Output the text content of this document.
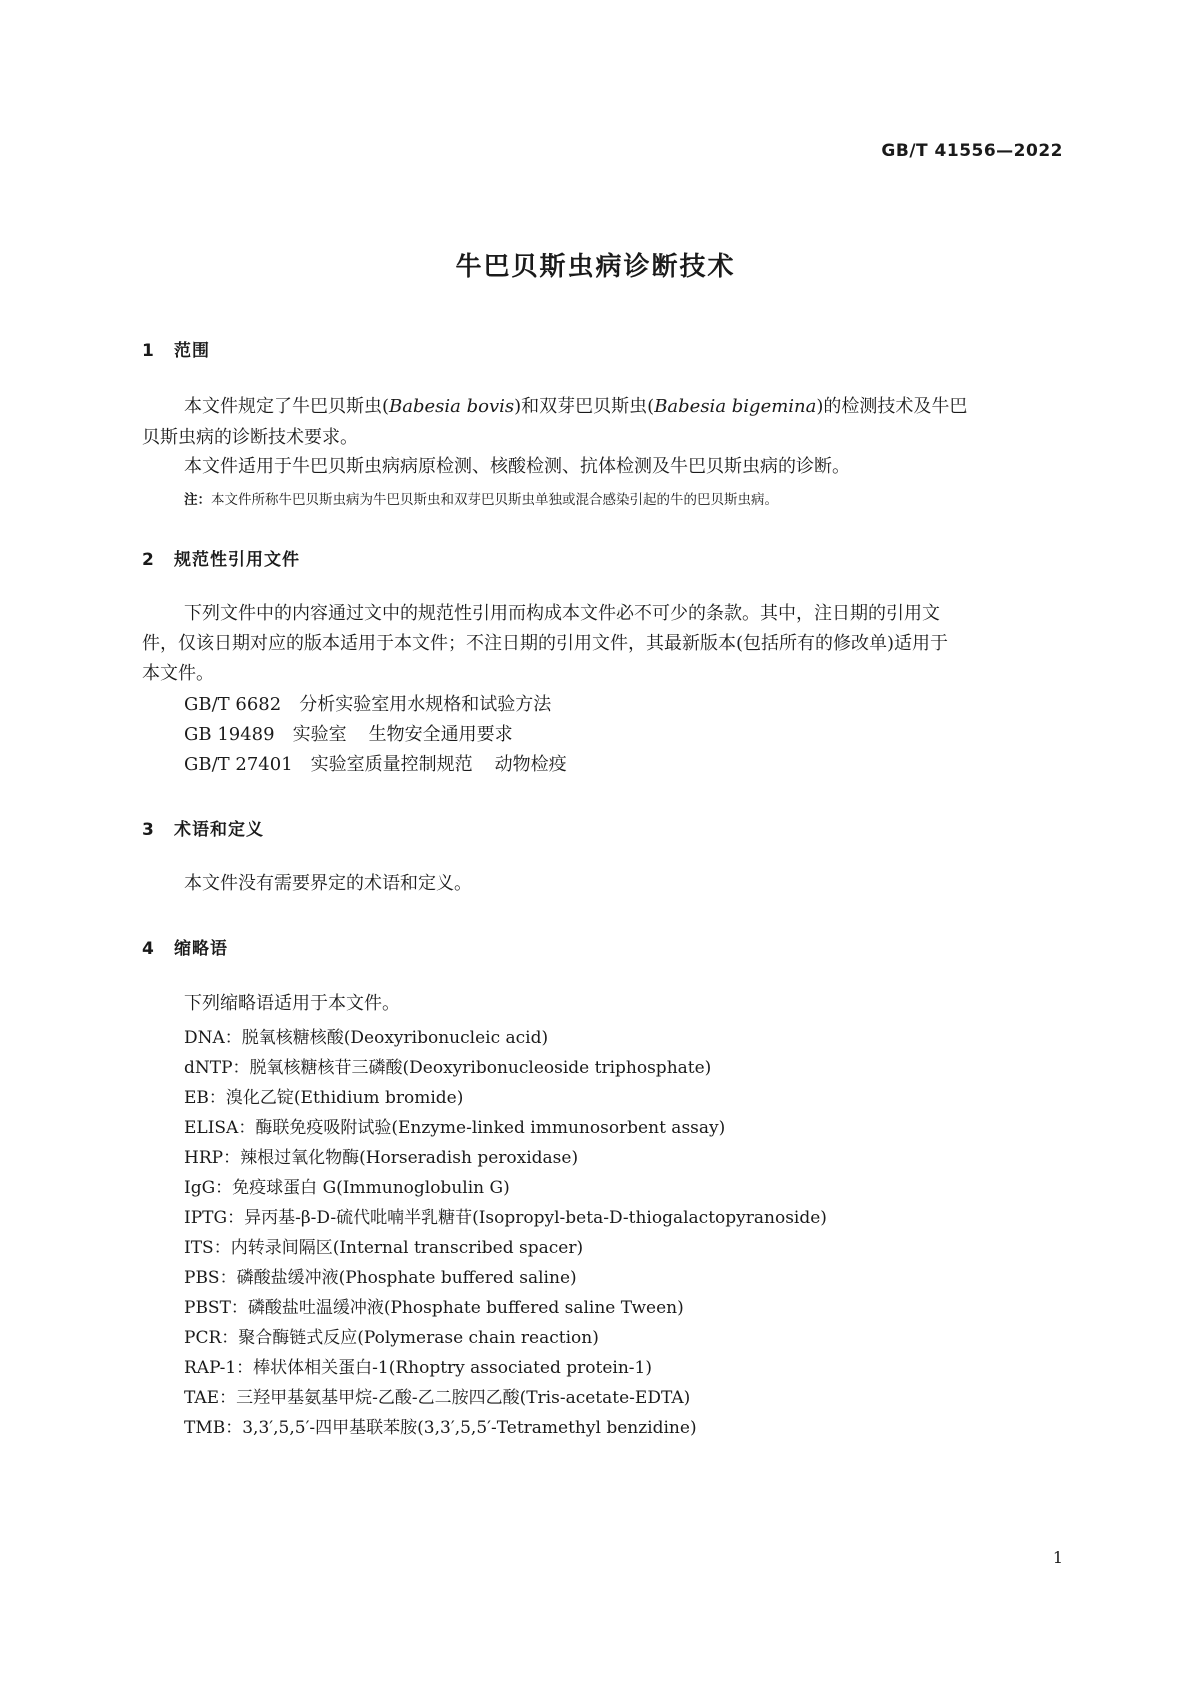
GB/T 41556—2022
牛巴贝斯虫病诊断技术
1 范围
本文件规定了牛巴贝斯虫(Babesia bovis)和双芽巴贝斯虫(Babesia bigemina)的检测技术及牛巴
贝斯虫病的诊断技术要求。
本文件适用于牛巴贝斯虫病病原检测、核酸检测、抗体检测及牛巴贝斯虫病的诊断。
注：本文件所称牛巴贝斯虫病为牛巴贝斯虫和双芽巴贝斯虫单独或混合感染引起的牛的巴贝斯虫病。
2 规范性引用文件
下列文件中的内容通过文中的规范性引用而构成本文件必不可少的条款。其中，注日期的引用文
件，仅该日期对应的版本适用于本文件；不注日期的引用文件，其最新版本(包括所有的修改单)适用于
本文件。
GB/T 6682 分析实验室用水规格和试验方法
GB 19489 实验室 生物安全通用要求
GB/T 27401 实验室质量控制规范 动物检疫
3 术语和定义
本文件没有需要界定的术语和定义。
4 缩略语
下列缩略语适用于本文件。
DNA：脱氧核糖核酸(Deoxyribonucleic acid)
dNTP：脱氧核糖核苷三磷酸(Deoxyribonucleoside triphosphate)
EB：溴化乙锭(Ethidium bromide)
ELISA：酶联免疫吸附试验(Enzyme-linked immunosorbent assay)
HRP：辣根过氧化物酶(Horseradish peroxidase)
IgG：免疫球蛋白 G(Immunoglobulin G)
IPTG：异丙基-β-D-硫代吡喃半乳糖苷(Isopropyl-beta-D-thiogalactopyranoside)
ITS：内转录间隔区(Internal transcribed spacer)
PBS：磷酸盐缓冲液(Phosphate buffered saline)
PBST：磷酸盐吐温缓冲液(Phosphate buffered saline Tween)
PCR：聚合酶链式反应(Polymerase chain reaction)
RAP-1：棒状体相关蛋白-1(Rhoptry associated protein-1)
TAE：三羟甲基氨基甲烷-乙酸-乙二胺四乙酸(Tris-acetate-EDTA)
TMB：3,3′,5,5′-四甲基联苯胺(3,3′,5,5′-Tetramethyl benzidine)
1
